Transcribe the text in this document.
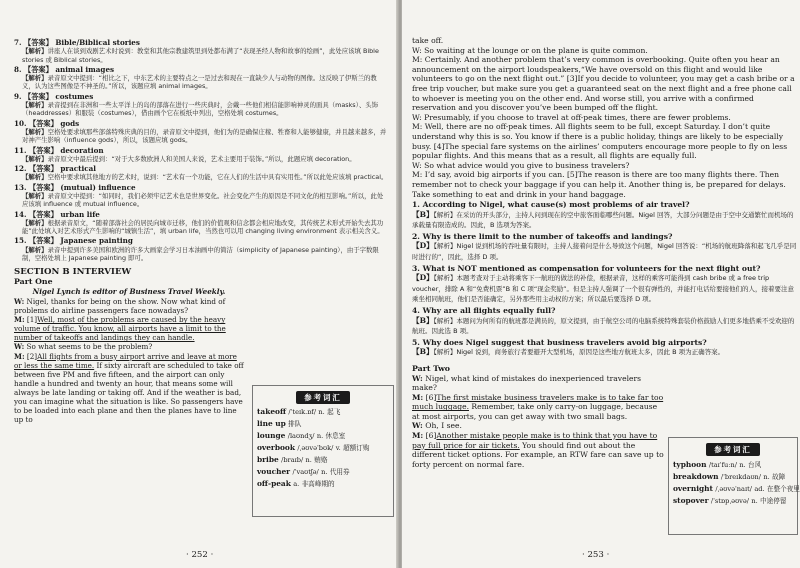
7. 【答案】 Bible/Biblical stories
【解析】讲座人在谈到戏剧艺术时说到：教堂和其他宗教建筑里到处都布满了“表现圣经人物和故事的绘画”，此处应该填 Bible stories 或 Biblical stories。
8. 【答案】 animal images
【解析】录音原文中提到：“相比之下，中东艺术的主要特点之一是过去和现在一直缺少人与动物的图像。这反映了伊斯兰的教义，认为这些图像是不神圣的。”所以，该题应填 animal images。
9. 【答案】 costumes
【解析】录音提到在非洲和一些太平洋上的岛的部落在进行一些庆典时，会戴一些他们相信能影响神灵的面具（masks）、头饰（headdresses）和服装（costumes），借由画个它在板纸中列出，空格处填 costumes。
10. 【答案】 gods
【解析】空格处要求填那些部落特殊庆典的目的，录音原文中提到，他们为的是确保庄稼、牲畜和人能够健康，并且越来越多，并对神产生影响（influence gods），所以，该题应填 gods。
11. 【答案】 decoration
【解析】录音原文中最后提到：“对于大多数欧洲人和美国人来说，艺术主要用于装饰。”所以，此题应填 decoration。
12. 【答案】 practical
【解析】空格中要求填其他地方的艺术时，说到：“艺术有一个功能，它在人们的生活中具有实用性。”所以此处应该填 practical。
13. 【答案】 (mutual) influence
【解析】录音原文中提到：“如同时，我们必须牢记艺术也是世界变化。社会变化产生的原因是不同文化的相互影响。”所以，此处应该填 influence 或 mutual influence。
14. 【答案】 urban life
【解析】根据录音原文，“随着部落社会的居民向城市迁移，他们的价值观和信念都会相应地改变，其传统艺术形式开始失去其功能”此处填入对艺术形式产生影响的“城镇生活”，填 urban life，当然也可以用 changing living environment 表示相关含义。
15. 【答案】 Japanese painting
【解析】录音中提到许多美国和欧洲的许多大画家会学习日本油画中的简洁（simplicity of Japanese painting），由于字数限制，空格处填上 Japanese painting 即可。
SECTION B INTERVIEW
Part One
Nigel Lynch is editor of Business Travel Weekly.
W: Nigel, thanks for being on the show. Now what kind of problems do airline passengers face nowadays?
M: [1]Well, most of the problems are caused by the heavy volume of traffic. You know, all airports have a limit to the number of takeoffs and landings they can handle.
W: So what seems to be the problem?
M: [2]All flights from a busy airport arrive and leave at more or less the same time. If sixty aircraft are scheduled to take off between five PM and five fifteen, and the airport can only handle a hundred and twenty an hour, that means some will always be late landing or taking off. And if the weather is bad, you can imagine what the situation is like. So passengers have to be loaded into each plane and then the planes have to line up to
参考词汇
takeoff /ˈteɪk.ɒf/ n. 起飞
line up 排队
lounge /laʊndʒ/ n. 休息室
overbook /ˌəʊvəˈbʊk/ v. 超额订购
bribe /braɪb/ n. 贿赂
voucher /ˈvaʊtʃə/ n. 代用券
off-peak a. 非高峰期的
· 252 ·
take off.
W: So waiting at the lounge or on the plane is quite common.
M: Certainly. And another problem that’s very common is overbooking. Quite often you hear an announcement on the airport loudspeakers,“We have oversold on this flight and would like volunteers to go on the next flight out.” [3]If you decide to volunteer, you may get a cash bribe or a free trip voucher, but make sure you get a guaranteed seat on the next flight and a free phone call to whoever is meeting you on the other end. And worse still, you arrive with a confirmed reservation and you discover you’ve been bumped off the flight.
W: Presumably, if you choose to travel at off-peak times, there are fewer problems.
M: Well, there are no off-peak times. All flights seem to be full, except Saturday. I don’t quite understand why this is so. You know if there is a public holiday, things are likely to be especially busy. [4]The special fare systems on the airlines’ computers encourage more people to fly on less popular flights. And this means that as a result, all flights are equally full.
W: So what advice would you give to business travelers?
M: I’d say, avoid big airports if you can. [5]The reason is there are too many flights there. Then remember not to check your baggage if you can help it. Another thing is, be prepared for delays. Take something to eat and drink in your hand baggage.
1. According to Nigel, what cause(s) most problems of air travel?
【B】【解析】在采访的开头部分，主持人问到现在的空中旅客面临哪些问题。Nigel 回答，大部分问题是由于空中交通繁忙而机场的承载量有限造成的。因此，B 选项为答案。
2. Why is there limit to the number of takeoffs and landings?
【D】【解析】Nigel 说到机场的吞吐量有限时，主持人接着问是什么导致这个问题，Nigel 回答说：“机场的航班降落和起飞几乎是同时进行的”，因此，选择 D 项。
3. What is NOT mentioned as compensation for volunteers for the next flight out?
【D】【解析】本题考查对于主动将乘客下一航班的做法的补偿，根据录音，这样的乘客可能得到 cash bribe 或 a free trip voucher，排除 A 和“免费机票”B 和 C 项“现金奖励”。但是主持人强调了一个很有弹性的，并能打电话给要接他们的人，接着要注意乘坐相同航班，他们是否能确定，另外那些用主动权的方案；所以最后要选择 D 项。
4. Why are all flights equally full?
【B】【解析】本题问为何所有的航班都是满员的，原文提到，由于航空公司的电脑系统特殊套装价格鼓励人们更多地搭乘不受欢迎的航班。因此选 B 项。
5. Why does Nigel suggest that business travelers avoid big airports?
【B】【解析】Nigel 说到，商务旅行者要避开大型机场，原因是这些地方航班太多，因此 B 项为正确答案。
Part Two
W: Nigel, what kind of mistakes do inexperienced travelers make?
M: [6]The first mistake business travelers make is to take far too much luggage. Remember, take only carry-on luggage, because at most airports, you can get away with two small bags.
W: Oh, I see.
M: [6]Another mistake people make is to think that you have to pay full price for air tickets. You should find out about the different ticket options. For example, an RTW fare can save up to forty percent on normal fare.
参考词汇
typhoon /taɪˈfuːn/ n. 台风
breakdown /ˈbreɪkdaʊn/ n. 故障
overnight /ˌəʊvəˈnaɪt/ ad. 在整个夜里
stopover /ˈstɒpˌəʊvə/ n. 中途停留
· 253 ·
